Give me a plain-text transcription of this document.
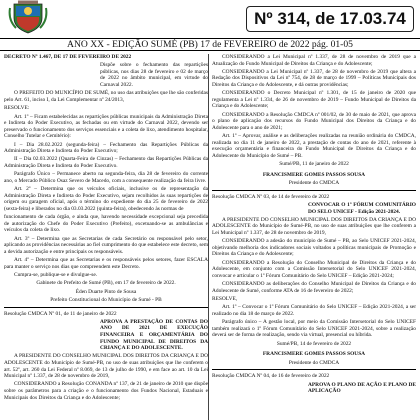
Nº 314, de 17.03.74
ANO XX - EDIÇÃO SUMÉ (PB) 17 de FEVEREIRO de 2022 pág. 01-05

DECRETO Nº 1.467, DE 17 DE FEVEREIRO DE 2022

Dispõe sobre o fechamento das repartições públicas, nos dias 28 de fevereiro e 02 de março de 2022 no âmbito municipal, em virtude do Carnaval 2022.

O PREFEITO DO MUNICÍPIO DE SUMÉ, no uso das atribuições que lhe são conferidas pelo Art. 61, inciso I, da Lei Complementar nº 24/2013,

RESOLVE:

Art. 1º – Ficam estabelecidas as repartições públicas municipais da Administração Direta e Indireta do Poder Executivo, as fechadas ou em virtude do Carnaval 2022, devendo ser preservado o funcionamento dos serviços essenciais e a coleta de lixo, atendimento hospitalar, Conselho Tutelar e Cemitério):

I – Dia 28.02.2022 (segunda-feira) – Fechamento das Repartições Públicas da Administração Direta e Indireta do Poder Executivo;

II – Dia 02.03.2022 (Quarta-Feira de Cinzas) – Fechamento das Repartições Públicas da Administração Direta e Indireta do Poder Executivo.

Parágrafo Único – Permanece aberto na segunda-feira, dia 28 de fevereiro do corrente ano, o Mercado Público Osaz Severo de Macedo, com a consequente realização da feira livre.

Art. 2º – Determina que os veículos oficiais, inclusive os de representação da Administração Direta e Indireta do Poder Executivo, sejam recolhidos às suas repartições de origem ou garagem oficial, após o término do expediente do dia 25 de fevereiro de 2022 (sexta-feira) e liberados no dia 03.03.2022 (quinta-feira), obedecendo às normas de

funcionamento de cada órgão, e ainda que, havendo necessidade excepcional seja precedida de autorização do Chefe do Poder Executivo (Prefeito), excetuando-se as ambulâncias e veículos da coleta de lixo.

Art. 3º – Determina que as Secretarias de cada Secretário ou responsável pelo setor, aplicando as providências necessárias ao fiel cumprimento do que estabelece este decreto, sem a devida autorização e entre principais os responsáveis.

Art. 4º – Determina que as Secretarias e os responsáveis pelos setores, fazer ESCALA para manter o serviço nos dias que compreendem este Decreto.

Cumpra-se, publique-se e divulgue-se.

Gabinete do Prefeito de Sumé (PB), em 17 de fevereiro de 2022.

Éden Duarte Pinto de Sousa

Prefeito Constitucional do Município de Sumé - PB

Resolução CMDCA Nº 01, de 11 de janeiro de 2022

APROVA A PRESTAÇÃO DE CONTAS DO ANO DE 2021 DE EXECUÇÃO FINANCEIRA E ORÇAMENTÁRIA DO FUNDO MUNICIPAL DE DIREITOS DA CRIANÇA E DO ADOLESCENTE.

A PRESIDENTE DO CONSELHO MUNICIPAL DOS DIREITOS DA CRIANÇA E DO ADOLESCENTE do Município de Sumé-PB, no uso de suas atribuições que lhe conferem o art. 52º, art. 260 da Lei Federal nº 8.069, de 13 de julho de 1990, e em face ao art. 10 da Lei Municipal nº 1.337, de 28 de novembro de 2019,

CONSIDERANDO a Resolução CONANDA nº 137, de 21 de janeiro de 2010 que dispõe sobre os parâmetros para a criação e o funcionamento dos Fundos Nacional, Estaduais e Municipais dos Direitos da Criança e do Adolescente;

CONSIDERANDO a Lei Municipal nº 1.337, de 28 de novembro de 2019 que a Atualização do Fundo Municipal de Direitos da Criança e do Adolescente;

CONSIDERANDO a Lei Municipal nº 1.337, de 28 de novembro de 2019 que altera a Redação dos Dispositivos da Lei nº 754, de 28 de março de 1999 – Políticas Municipais dos Direitos da Criança e do Adolescente, e dá outras providências;

CONSIDERANDO o Decreto Municipal nº 1.301, de 15 de janeiro de 2020 que regulamenta a Lei nº 1.334, de 26 de novembro de 2019 – Fundo Municipal de Direitos da Criança e do Adolescente;

CONSIDERANDO a Resolução CMDCA nº 001/02, de 30 de maio de 2021, que aprova o plano de aplicação dos recursos do Fundo Municipal dos Direitos da Criança e do Adolescente para o ano de 2021;

Art. 1º – Aprovar, análise e as deliberações realizadas na reunião ordinária do CMDCA, realizada no dia 11 de janeiro de 2022, a prestação de contas do ano de 2021, referente à execução orçamentária e financeira do Fundo Municipal de Direitos da Criança e do Adolescente do Município de Sumé – PB.

Sumé/PB, 11 de janeiro de 2022

FRANCISMERE GOMES PASSOS SOUSA

Presidente do CMDCA

Resolução CMDCA Nº 03, de 14 de fevereiro de 2022

CONVOCAR O 1º FÓRUM COMUNITÁRIO DO SELO UNICEF - Edição 2021-2024.

A PRESIDENTE DO CONSELHO MUNICIPAL DOS DIREITOS DA CRIANÇA E DO ADOLESCENTE do Município de Sumé-PB, no uso de suas atribuições que lhe conferem a Lei Municipal nº 1.337, de 28 de novembro de 2019,

CONSIDERANDO a adesão do município de Sumé – PB, ao Selo UNICEF 2021-2024, objetivando melhoria dos indicadores sociais voltados a políticas municipais de Promoção e Direitos da Criança e do Adolescente;

CONSIDERANDO a Resolução do Conselho Municipal de Direitos da Criança e do Adolescente, em conjunto com a Comissão Intersetorial do Selo UNICEF 2021-2024, convocar e articular o 1º Fórum Comunitário do Selo UNICEF – Edição 2021-2024;

CONSIDERANDO as deliberações do Conselho Municipal de Direitos da Criança e do Adolescente de Sumé, conforme ATA de 16 de fevereiro de 2022;

RESOLVE,

Art. 1º – Convocar o 1º Fórum Comunitário do Selo UNICEF – Edição 2021-2024, a ser realizado no dia 18 de março de 2022.

Parágrafo único – A gestão local, por meio da Comissão Intersetorial do Selo UNICEF também realizará o 1º Fórum Comunitário do Selo UNICEF 2021-2024, sobre a realização deverá ser de forma de realização, sendo via virtual, presencial ou híbrida.

Sumé/PB, 14 de fevereiro de 2022

FRANCISMERE GOMES PASSOS SOUSA

Presidente do CMDCA

Resolução CMDCA Nº 04, de 16 de fevereiro de 2022

APROVA O PLANO DE AÇÃO E PLANO DE APLICAÇÃO
